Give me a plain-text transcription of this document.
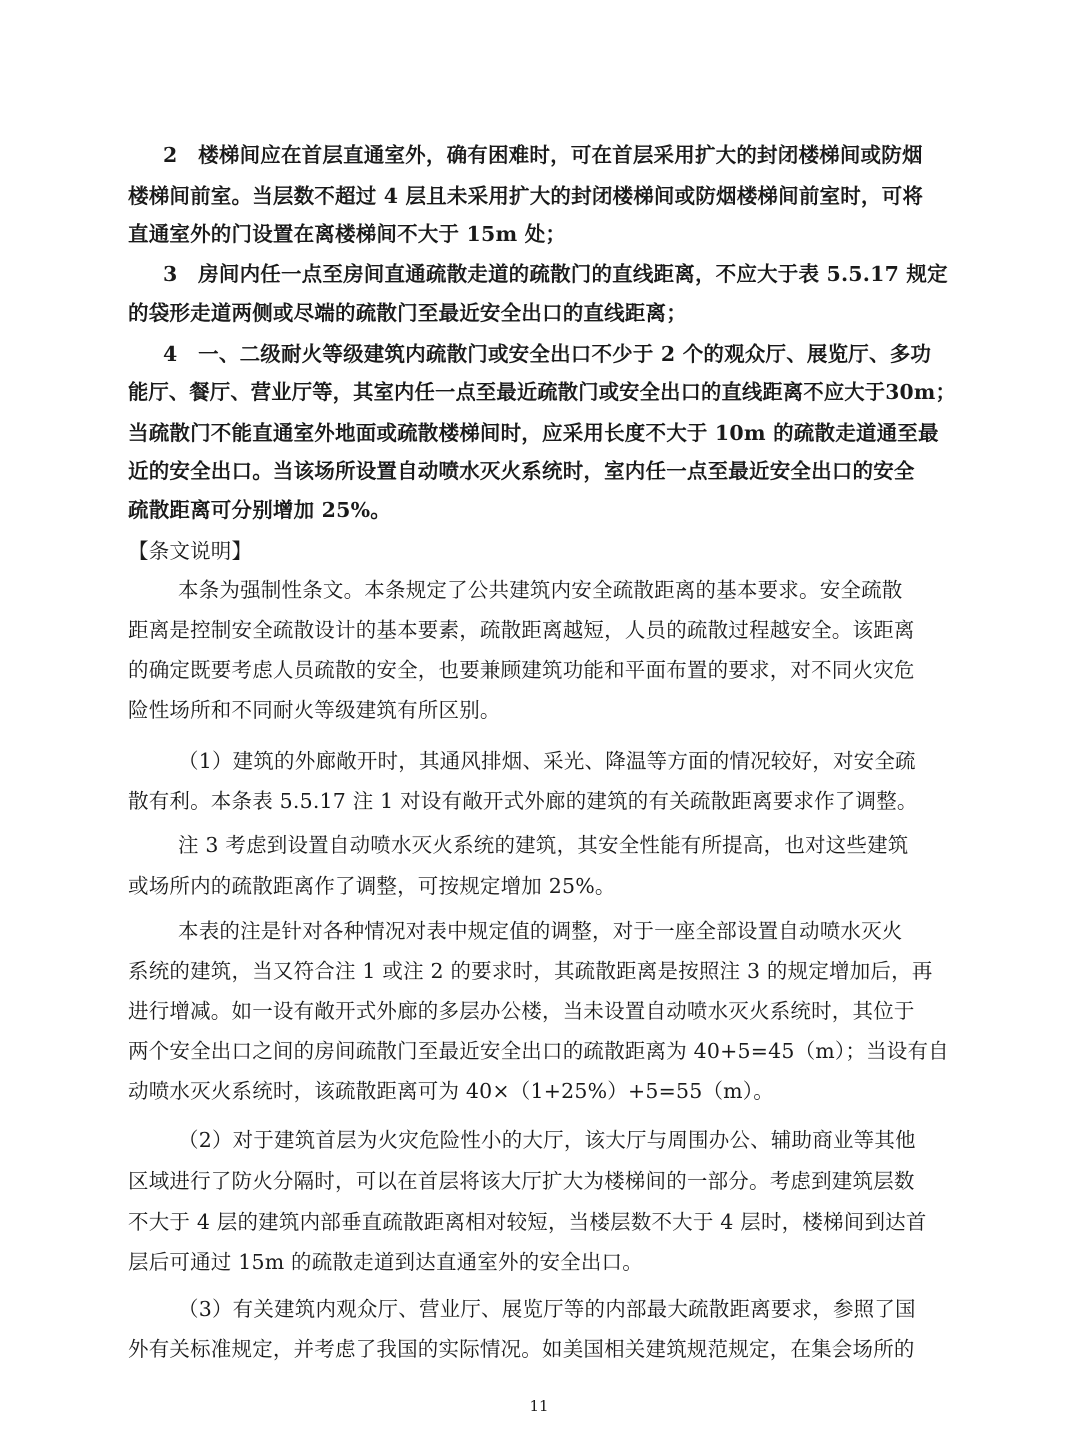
2　楼梯间应在首层直通室外，确有困难时，可在首层采用扩大的封闭楼梯间或防烟
楼梯间前室。当层数不超过 4 层且未采用扩大的封闭楼梯间或防烟楼梯间前室时，可将
直通室外的门设置在离楼梯间不大于 15m 处；
3　房间内任一点至房间直通疏散走道的疏散门的直线距离，不应大于表 5.5.17 规定
的袋形走道两侧或尽端的疏散门至最近安全出口的直线距离；
4　一、二级耐火等级建筑内疏散门或安全出口不少于 2 个的观众厅、展览厅、多功
能厅、餐厅、营业厅等，其室内任一点至最近疏散门或安全出口的直线距离不应大于30m；
当疏散门不能直通室外地面或疏散楼梯间时，应采用长度不大于 10m 的疏散走道通至最
近的安全出口。当该场所设置自动喷水灭火系统时，室内任一点至最近安全出口的安全
疏散距离可分别增加 25%。
【条文说明】
本条为强制性条文。本条规定了公共建筑内安全疏散距离的基本要求。安全疏散
距离是控制安全疏散设计的基本要素，疏散距离越短，人员的疏散过程越安全。该距离
的确定既要考虑人员疏散的安全，也要兼顾建筑功能和平面布置的要求，对不同火灾危
险性场所和不同耐火等级建筑有所区别。
（1）建筑的外廊敞开时，其通风排烟、采光、降温等方面的情况较好，对安全疏
散有利。本条表 5.5.17 注 1 对设有敞开式外廊的建筑的有关疏散距离要求作了调整。
注 3 考虑到设置自动喷水灭火系统的建筑，其安全性能有所提高，也对这些建筑
或场所内的疏散距离作了调整，可按规定增加 25%。
本表的注是针对各种情况对表中规定值的调整，对于一座全部设置自动喷水灭火
系统的建筑，当又符合注 1 或注 2 的要求时，其疏散距离是按照注 3 的规定增加后，再
进行增减。如一设有敞开式外廊的多层办公楼，当未设置自动喷水灭火系统时，其位于
两个安全出口之间的房间疏散门至最近安全出口的疏散距离为 40+5=45（m）；当设有自
动喷水灭火系统时，该疏散距离可为 40×（1+25%）+5=55（m）。
（2）对于建筑首层为火灾危险性小的大厅，该大厅与周围办公、辅助商业等其他
区域进行了防火分隔时，可以在首层将该大厅扩大为楼梯间的一部分。考虑到建筑层数
不大于 4 层的建筑内部垂直疏散距离相对较短，当楼层数不大于 4 层时，楼梯间到达首
层后可通过 15m 的疏散走道到达直通室外的安全出口。
（3）有关建筑内观众厅、营业厅、展览厅等的内部最大疏散距离要求，参照了国
外有关标准规定，并考虑了我国的实际情况。如美国相关建筑规范规定，在集会场所的
11
